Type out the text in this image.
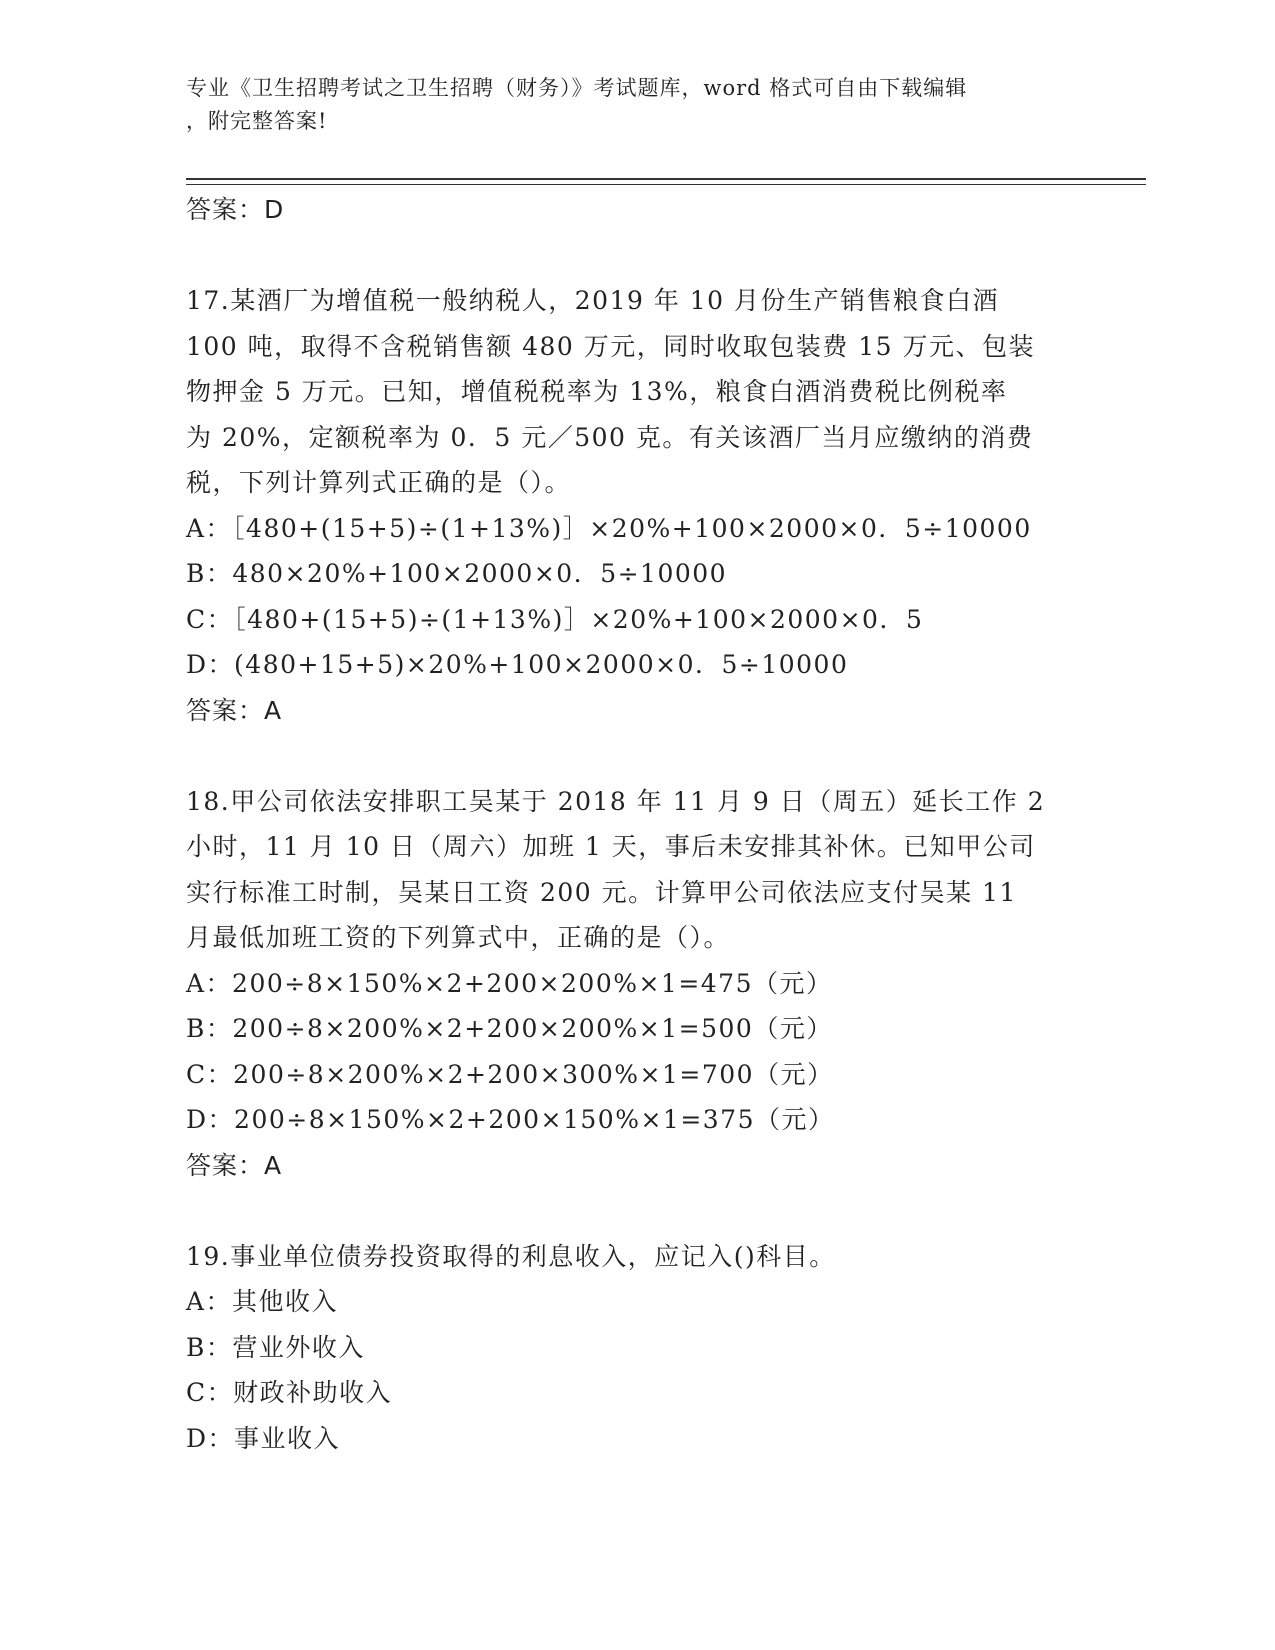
专业《卫生招聘考试之卫生招聘（财务）》考试题库，word 格式可自由下载编辑
，附完整答案!
答案：D
17.某酒厂为增值税一般纳税人，2019 年 10 月份生产销售粮食白酒
100 吨，取得不含税销售额 480 万元，同时收取包装费 15 万元、包装
物押金 5 万元。已知，增值税税率为 13%，粮食白酒消费税比例税率
为 20%，定额税率为 0．5 元／500 克。有关该酒厂当月应缴纳的消费
税，下列计算列式正确的是（）。
A：［480+(15+5)÷(1+13%)］×20%+100×2000×0．5÷10000
B：480×20%+100×2000×0．5÷10000
C：［480+(15+5)÷(1+13%)］×20%+100×2000×0．5
D：(480+15+5)×20%+100×2000×0．5÷10000
答案：A
18.甲公司依法安排职工吴某于 2018 年 11 月 9 日（周五）延长工作 2
小时，11 月 10 日（周六）加班 1 天，事后未安排其补休。已知甲公司
实行标准工时制，吴某日工资 200 元。计算甲公司依法应支付吴某 11
月最低加班工资的下列算式中，正确的是（）。
A：200÷8×150%×2+200×200%×1=475（元）
B：200÷8×200%×2+200×200%×1=500（元）
C：200÷8×200%×2+200×300%×1=700（元）
D：200÷8×150%×2+200×150%×1=375（元）
答案：A
19.事业单位债券投资取得的利息收入，应记入()科目。
A：其他收入
B：营业外收入
C：财政补助收入
D：事业收入
